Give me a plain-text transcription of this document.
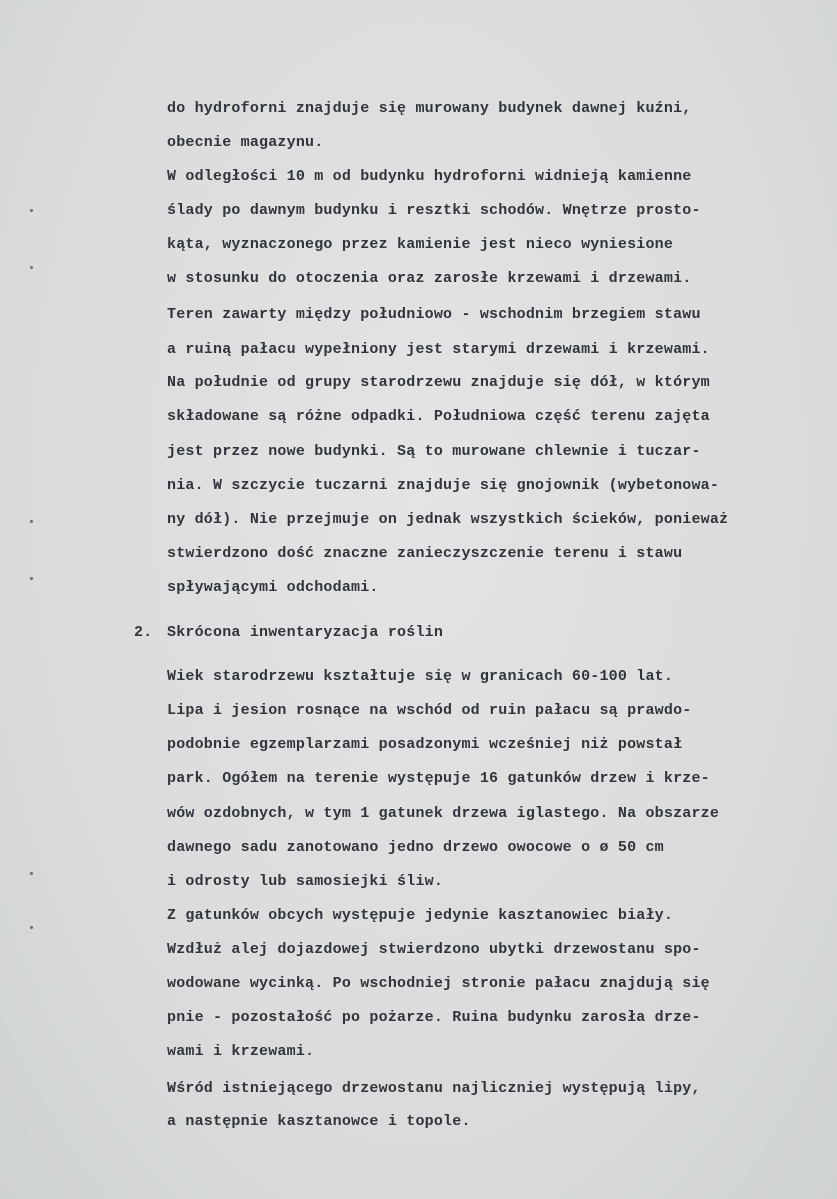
do hydroforni znajduje się murowany budynek dawnej kuźni,
obecnie magazynu.
W odległości 10 m od budynku hydroforni widnieją kamienne
ślady po dawnym budynku i resztki schodów. Wnętrze prosto-
kąta, wyznaczonego przez kamienie jest nieco wyniesione
w stosunku do otoczenia oraz zarosłe krzewami i drzewami.
Teren zawarty między południowo - wschodnim brzegiem stawu
a ruiną pałacu wypełniony jest starymi drzewami i krzewami.
Na południe od grupy starodrzewu znajduje się dół, w którym
składowane są różne odpadki. Południowa część terenu zajęta
jest przez nowe budynki. Są to murowane chlewnie i tuczar-
nia. W szczycie tuczarni znajduje się gnojownik (wybetonowa-
ny dół). Nie przejmuje on jednak wszystkich ścieków, ponieważ
stwierdzono dość znaczne zanieczyszczenie terenu i stawu
spływającymi odchodami.
2. Skrócona inwentaryzacja roślin
Wiek starodrzewu kształtuje się w granicach 60-100 lat.
Lipa i jesion rosnące na wschód od ruin pałacu są prawdo-
podobnie egzemplarzami posadzonymi wcześniej niż powstał
park. Ogółem na terenie występuje 16 gatunków drzew i krze-
wów ozdobnych, w tym 1 gatunek drzewa iglastego. Na obszarze
dawnego sadu zanotowano jedno drzewo owocowe o ø 50 cm
i odrosty lub samosiejki śliw.
Z gatunków obcych występuje jedynie kasztanowiec biały.
Wzdłuż alej dojazdowej stwierdzono ubytki drzewostanu spo-
wodowane wycinką. Po wschodniej stronie pałacu znajdują się
pnie - pozostałość po pożarze. Ruina budynku zarosła drze-
wami i krzewami.
Wśród istniejącego drzewostanu najliczniej występują lipy,
a następnie kasztanowce i topole.
